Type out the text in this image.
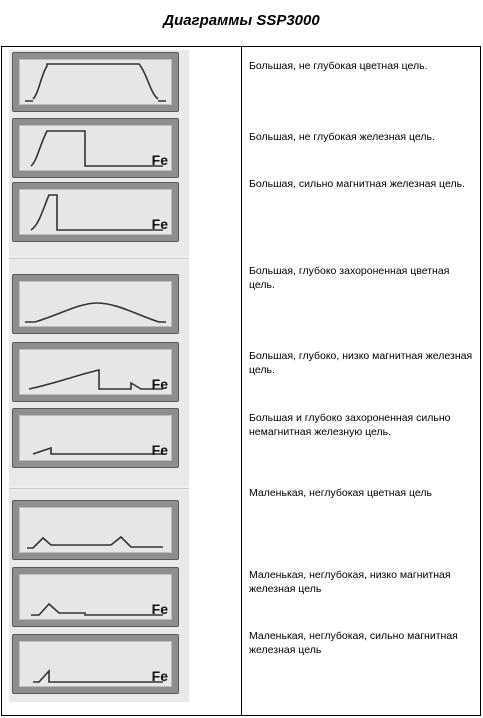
Диаграммы SSP3000
Большая, не глубокая цветная цель.
Fe
Большая, не глубокая железная цель.
Fe
Большая, сильно магнитная железная цель.
Большая, глубоко захороненная цветная цель.
Fe
Большая, глубоко, низко магнитная железная цель.
Fe
Большая и глубоко захороненная сильно немагнитная железную цель.
Маленькая, неглубокая цветная цель
Fe
Маленькая, неглубокая, низко магнитная железная цель
Fe
Маленькая, неглубокая, сильно магнитная железная цель
